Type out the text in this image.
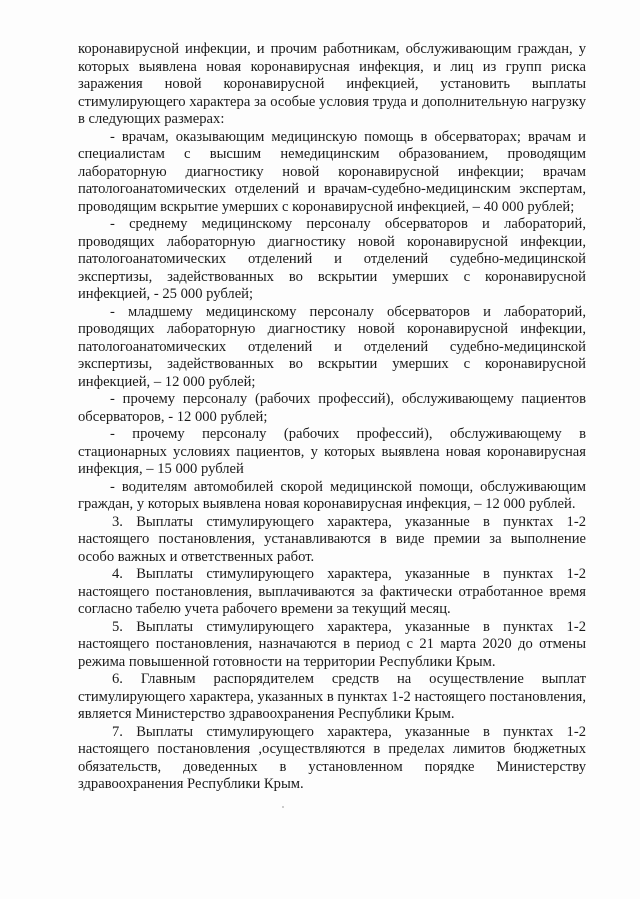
коронавирусной инфекции, и прочим работникам, обслуживающим граждан, у которых выявлена новая коронавирусная инфекция, и лиц из групп риска заражения новой коронавирусной инфекцией, установить выплаты стимулирующего характера за особые условия труда и дополнительную нагрузку в следующих размерах:

- врачам, оказывающим медицинскую помощь в обсерваторах; врачам и специалистам с высшим немедицинским образованием, проводящим лабораторную диагностику новой коронавирусной инфекции; врачам патологоанатомических отделений и врачам-судебно-медицинским экспертам, проводящим вскрытие умерших с коронавирусной инфекцией, – 40 000 рублей;

- среднему медицинскому персоналу обсерваторов и лабораторий, проводящих лабораторную диагностику новой коронавирусной инфекции, патологоанатомических отделений и отделений судебно-медицинской экспертизы, задействованных во вскрытии умерших с коронавирусной инфекцией, - 25 000 рублей;

- младшему медицинскому персоналу обсерваторов и лабораторий, проводящих лабораторную диагностику новой коронавирусной инфекции, патологоанатомических отделений и отделений судебно-медицинской экспертизы, задействованных во вскрытии умерших с коронавирусной инфекцией, – 12 000 рублей;

- прочему персоналу (рабочих профессий), обслуживающему пациентов обсерваторов, - 12 000 рублей;

- прочему персоналу (рабочих профессий), обслуживающему в стационарных условиях пациентов, у которых выявлена новая коронавирусная инфекция, – 15 000 рублей

- водителям автомобилей скорой медицинской помощи, обслуживающим граждан, у которых выявлена новая коронавирусная инфекция, – 12 000 рублей.

3. Выплаты стимулирующего характера, указанные в пунктах 1-2 настоящего постановления, устанавливаются в виде премии за выполнение особо важных и ответственных работ.

4. Выплаты стимулирующего характера, указанные в пунктах 1-2 настоящего постановления, выплачиваются за фактически отработанное время согласно табелю учета рабочего времени за текущий месяц.

5. Выплаты стимулирующего характера, указанные в пунктах 1-2 настоящего постановления, назначаются в период с 21 марта 2020 до отмены режима повышенной готовности на территории Республики Крым.

6. Главным распорядителем средств на осуществление выплат стимулирующего характера, указанных в пунктах 1-2 настоящего постановления, является Министерство здравоохранения Республики Крым.

7. Выплаты стимулирующего характера, указанные в пунктах 1-2 настоящего постановления ,осуществляются в пределах лимитов бюджетных обязательств, доведенных в установленном порядке Министерству здравоохранения Республики Крым.
